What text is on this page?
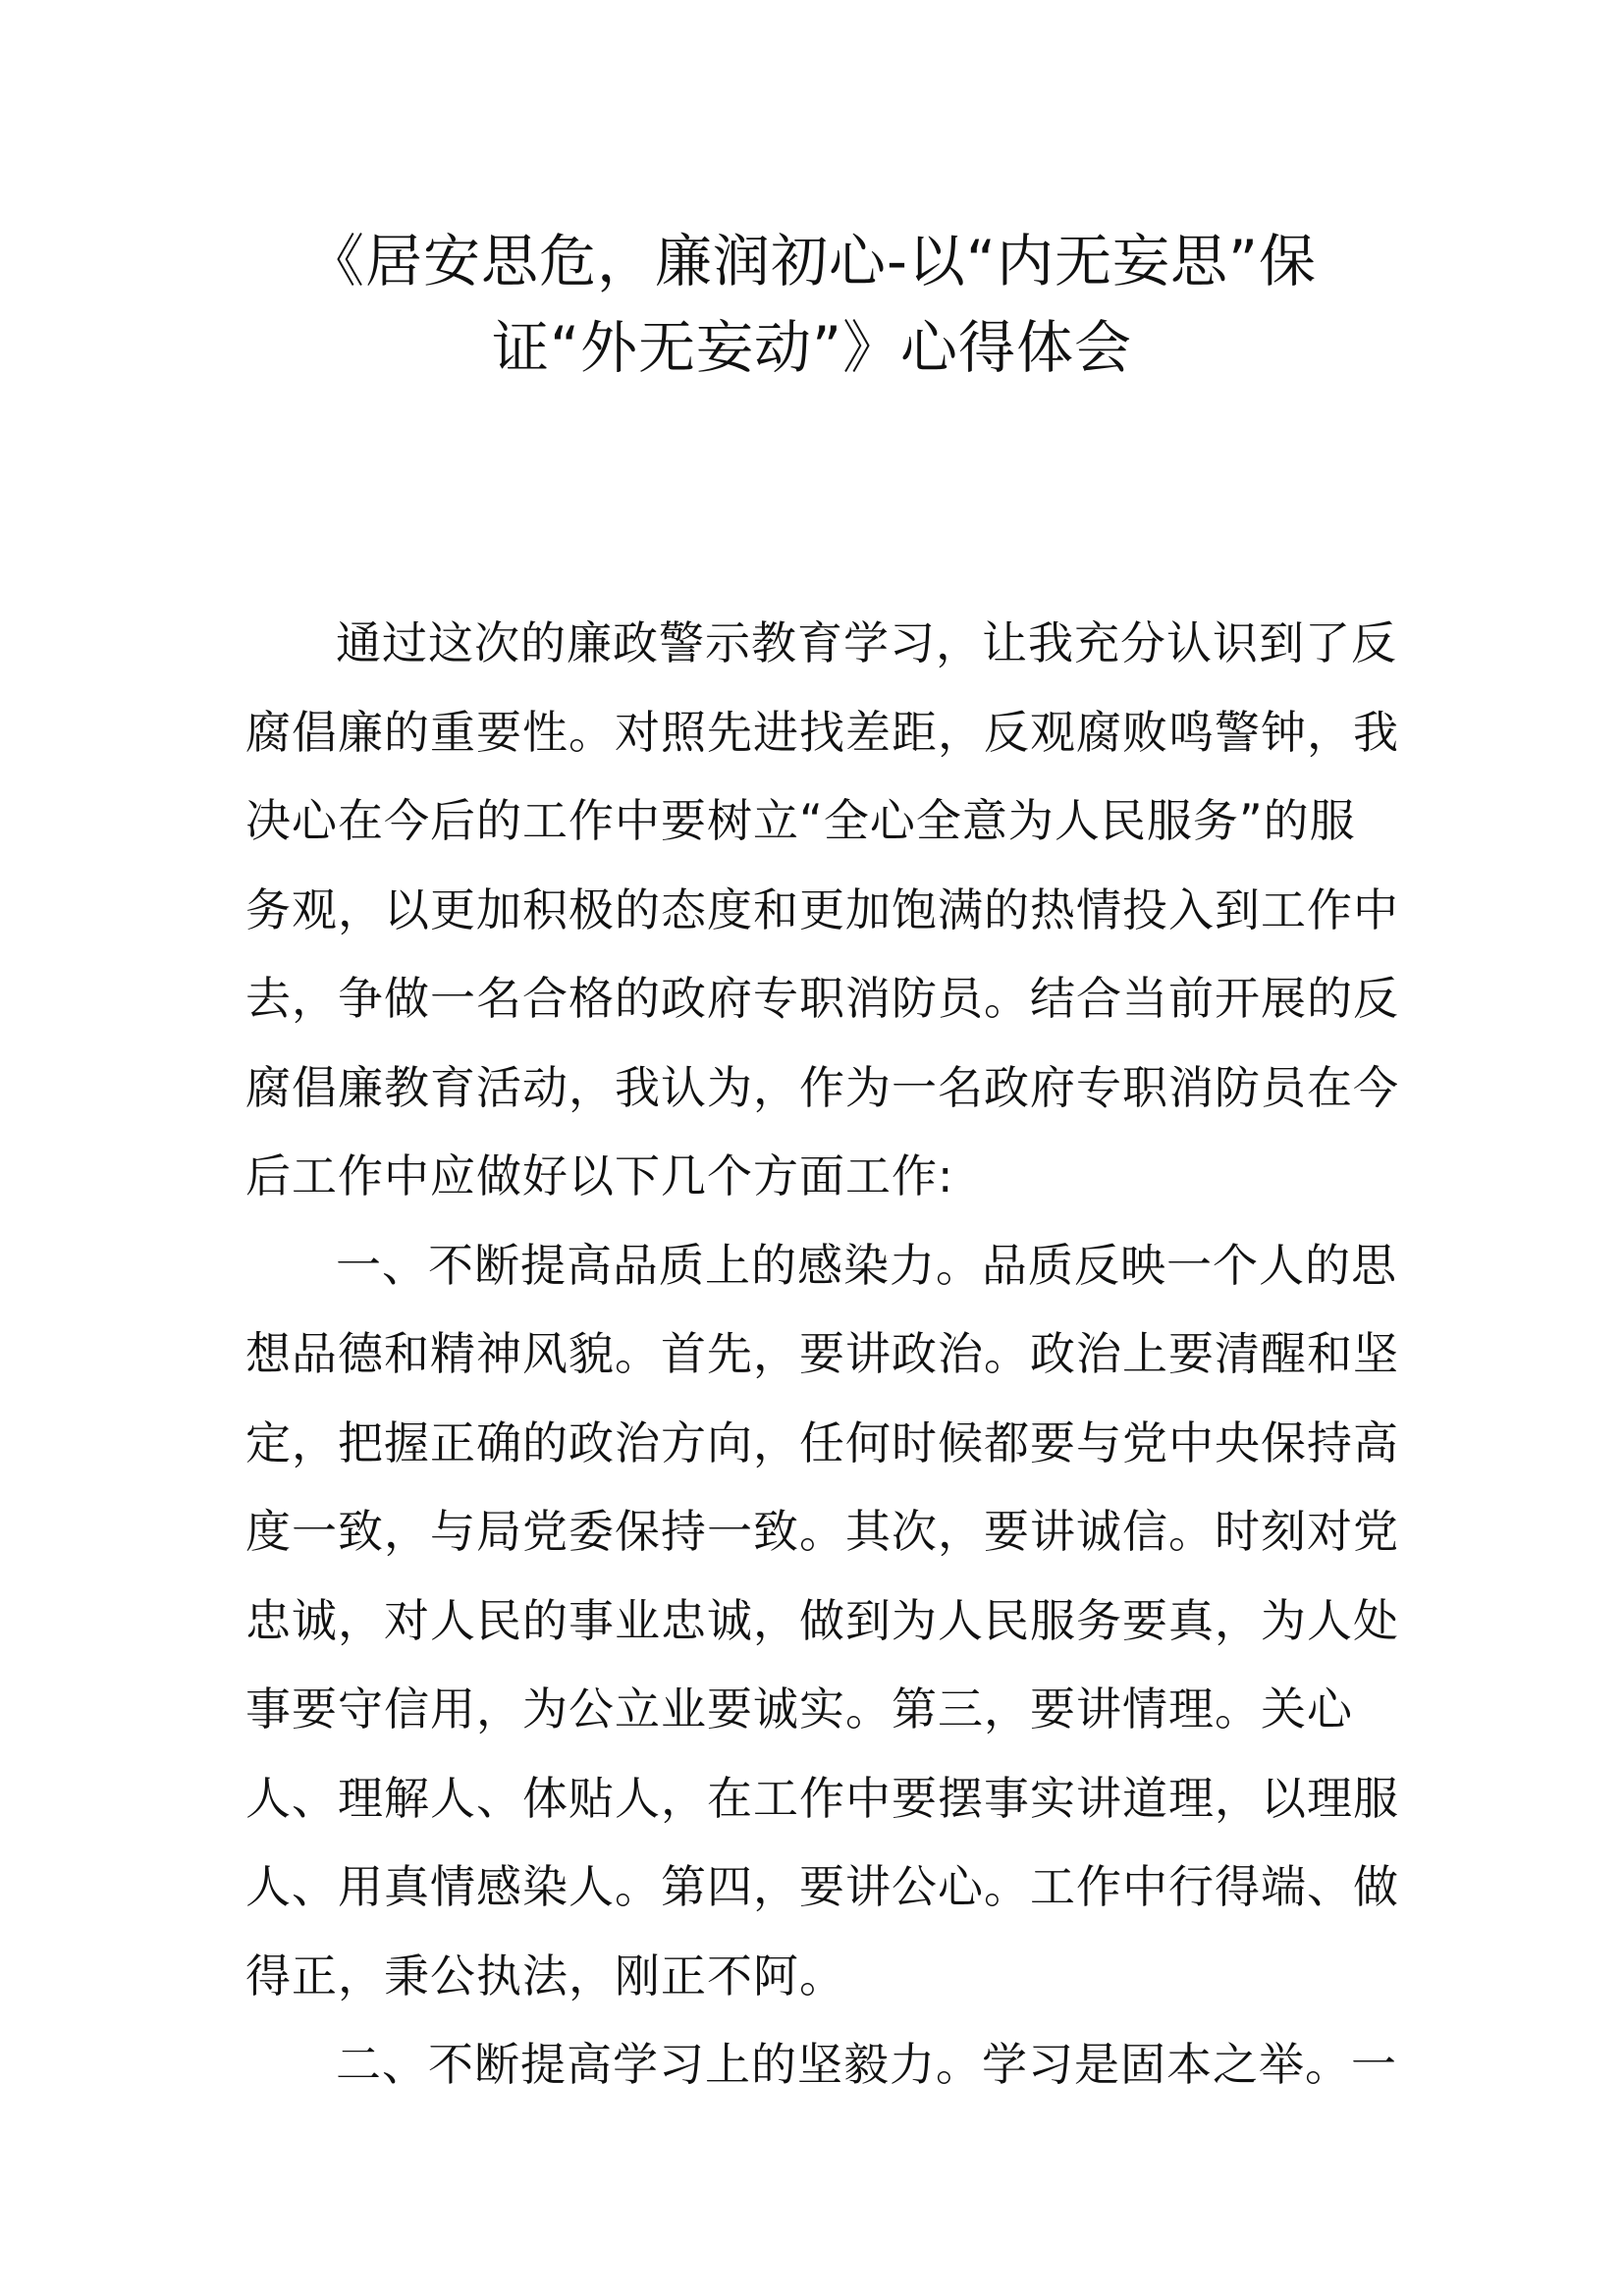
《居安思危，廉润初心-以“内无妄思”保
证“外无妄动”》心得体会

通过这次的廉政警示教育学习，让我充分认识到了反
腐倡廉的重要性。对照先进找差距，反观腐败鸣警钟，我
决心在今后的工作中要树立“全心全意为人民服务”的服
务观，以更加积极的态度和更加饱满的热情投入到工作中
去，争做一名合格的政府专职消防员。结合当前开展的反
腐倡廉教育活动，我认为，作为一名政府专职消防员在今
后工作中应做好以下几个方面工作:

一、不断提高品质上的感染力。品质反映一个人的思
想品德和精神风貌。首先，要讲政治。政治上要清醒和坚
定，把握正确的政治方向，任何时候都要与党中央保持高
度一致，与局党委保持一致。其次，要讲诚信。时刻对党
忠诚，对人民的事业忠诚，做到为人民服务要真，为人处
事要守信用，为公立业要诚实。第三，要讲情理。关心
人、理解人、体贴人，在工作中要摆事实讲道理，以理服
人、用真情感染人。第四，要讲公心。工作中行得端、做
得正，秉公执法，刚正不阿。

二、不断提高学习上的坚毅力。学习是固本之举。一
